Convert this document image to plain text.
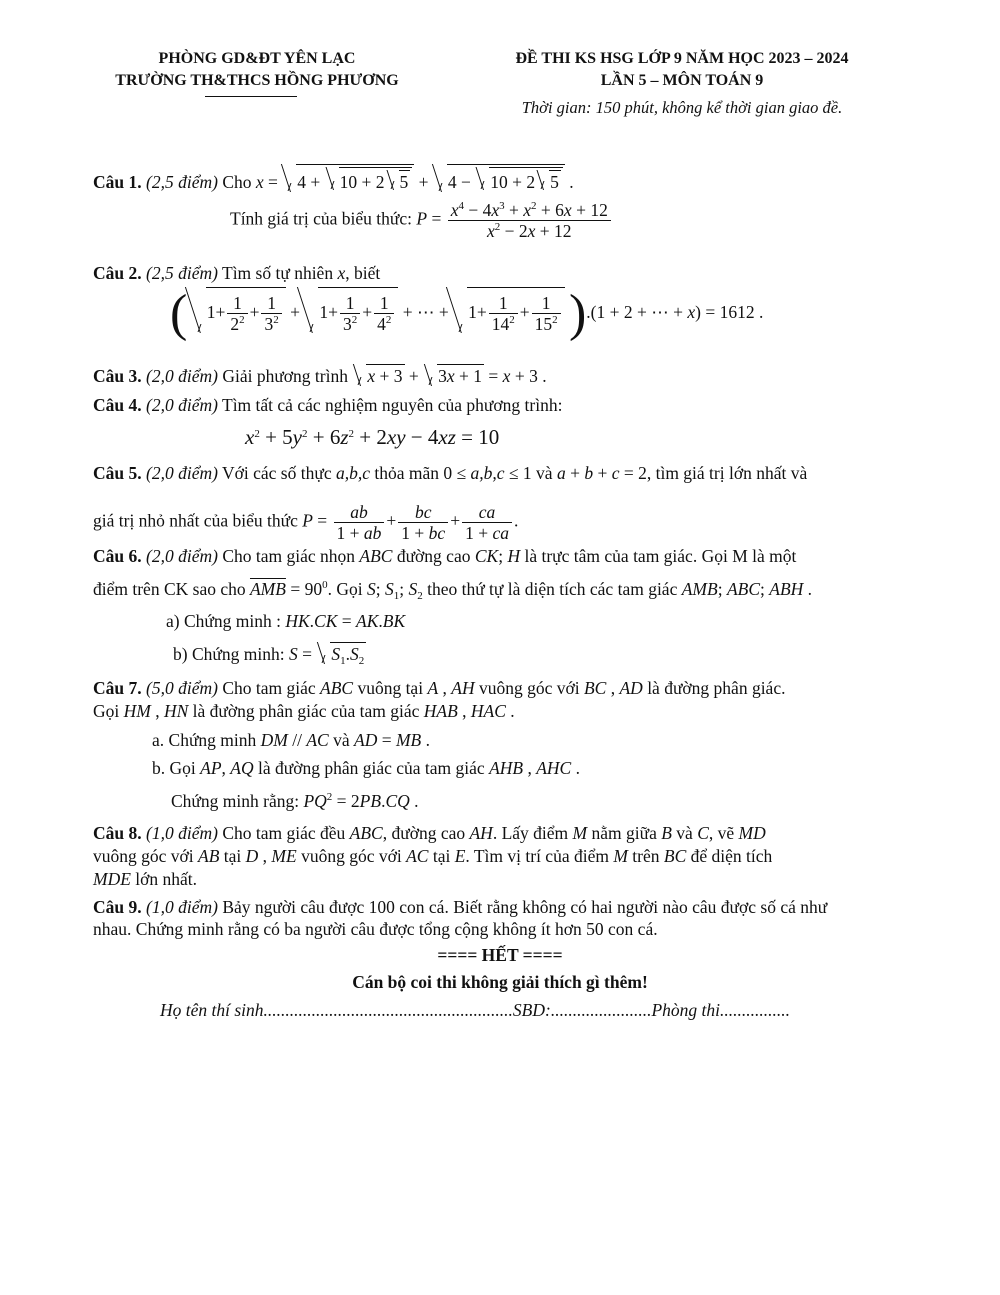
PHÒNG GD&ĐT YÊN LẠC
TRƯỜNG TH&THCS HỒNG PHƯƠNG
ĐỀ THI KS HSG LỚP 9 NĂM HỌC 2023 – 2024
LẦN 5 – MÔN TOÁN 9
Thời gian: 150 phút, không kể thời gian giao đề.
Câu 1. (2,5 điểm) Cho x = 4 + 10 + 2 5 + 4 − 10 + 2 5 .
Tính giá trị của biểu thức: $P = \frac{x^4 - 4x^3 + x^2 + 6x + 12}{x^2 - 2x + 12}$
Câu 2. (2,5 điểm) Tìm số tự nhiên x, biết
( $1+ \frac{1}{2^2} + \frac{1}{3^2} + 1+ \frac{1}{3^2} + \frac{1}{4^2}$ + ⋯ + $1+ \frac{1}{14^2} + \frac{1}{15^2} ).(1 + 2$ + ⋯ + x) = 1612 .
Câu 3. (2,0 điểm) Giải phương trình x + 3 + 3x + 1 = x + 3 .
Câu 4. (2,0 điểm) Tìm tất cả các nghiệm nguyên của phương trình:
$x^2 + 5y^2 + 6z^2 + 2xy - 4xz = 10$
Câu 5. (2,0 điểm) Với các số thực a,b,c thỏa mãn 0 ≤ a,b,c ≤ 1 và a + b + c = 2, tìm giá trị lớn nhất và
giá trị nhỏ nhất của biểu thức $P = \frac{ab}{1 + ab} + \frac{bc}{1 + bc} + \frac{ca}{1 + ca}$ .
Câu 6. (2,0 điểm) Cho tam giác nhọn ABC đường cao CK; H là trực tâm của tam giác. Gọi M là một
điểm trên CK sao cho $\overline{AMB} = 90^0$. Gọi S; $S_1$; $S_2$ theo thứ tự là diện tích các tam giác AMB; ABC; ABH .
a) Chứng minh : HK.CK = AK.BK
b) Chứng minh: $S = S_1.S_2$
Câu 7. (5,0 điểm) Cho tam giác ABC vuông tại A , AH vuông góc với BC , AD là đường phân giác.
Gọi HM , HN là đường phân giác của tam giác HAB , HAC .
a. Chứng minh DM // AC và AD = MB .
b. Gọi AP, AQ là đường phân giác của tam giác AHB , AHC .
Chứng minh rằng: $PQ^2 = 2PB.CQ$ .
Câu 8. (1,0 điểm) Cho tam giác đều ABC, đường cao AH. Lấy điểm M nằm giữa B và C, vẽ MD
vuông góc với AB tại D , ME vuông góc với AC tại E. Tìm vị trí của điểm M trên BC để diện tích
MDE lớn nhất.
Câu 9. (1,0 điểm) Bảy người câu được 100 con cá. Biết rằng không có hai người nào câu được số cá như
nhau. Chứng minh rằng có ba người câu được tổng cộng không ít hơn 50 con cá.
==== HẾT ====
Cán bộ coi thi không giải thích gì thêm!
Họ tên thí sinh.........................................................SBD:.......................Phòng thi................
